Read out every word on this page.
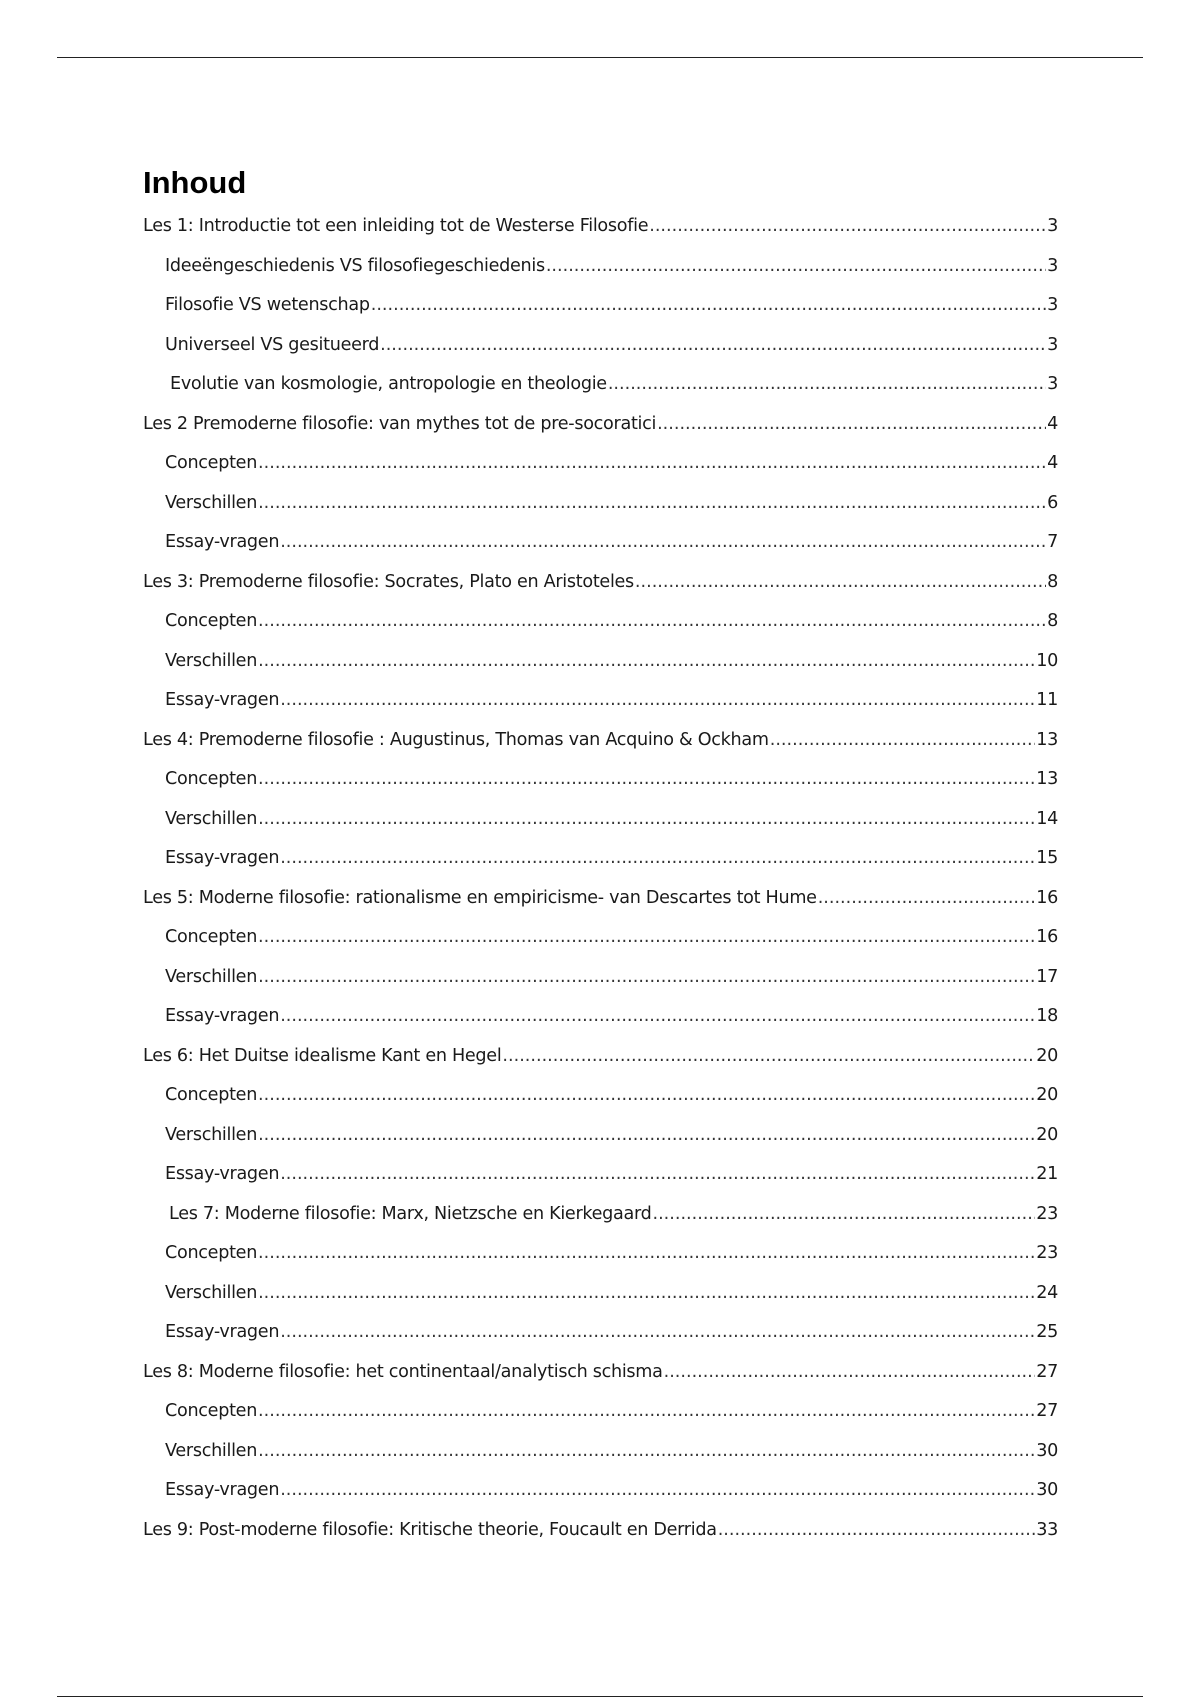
Inhoud
Les 1: Introductie tot een inleiding tot de Westerse Filosofie .....	3
Ideeëngeschiedenis VS filosofiegeschiedenis .....	3
Filosofie VS wetenschap .....	3
Universeel VS gesitueerd .....	3
Evolutie van kosmologie, antropologie en theologie .....	3
Les 2 Premoderne filosofie: van mythes tot de pre-socoratici .....	4
Concepten .....	4
Verschillen .....	6
Essay-vragen .....	7
Les 3: Premoderne filosofie: Socrates, Plato en Aristoteles .....	8
Concepten .....	8
Verschillen .....	10
Essay-vragen .....	11
Les 4: Premoderne filosofie : Augustinus, Thomas van Acquino & Ockham .....	13
Concepten .....	13
Verschillen .....	14
Essay-vragen .....	15
Les 5: Moderne filosofie: rationalisme en empiricisme- van Descartes tot Hume .....	16
Concepten .....	16
Verschillen .....	17
Essay-vragen .....	18
Les 6: Het Duitse idealisme Kant en Hegel .....	20
Concepten .....	20
Verschillen .....	20
Essay-vragen .....	21
Les 7: Moderne filosofie: Marx, Nietzsche en Kierkegaard .....	23
Concepten .....	23
Verschillen .....	24
Essay-vragen .....	25
Les 8: Moderne filosofie: het continentaal/analytisch schisma .....	27
Concepten .....	27
Verschillen .....	30
Essay-vragen .....	30
Les 9: Post-moderne filosofie: Kritische theorie, Foucault en Derrida .....	33
